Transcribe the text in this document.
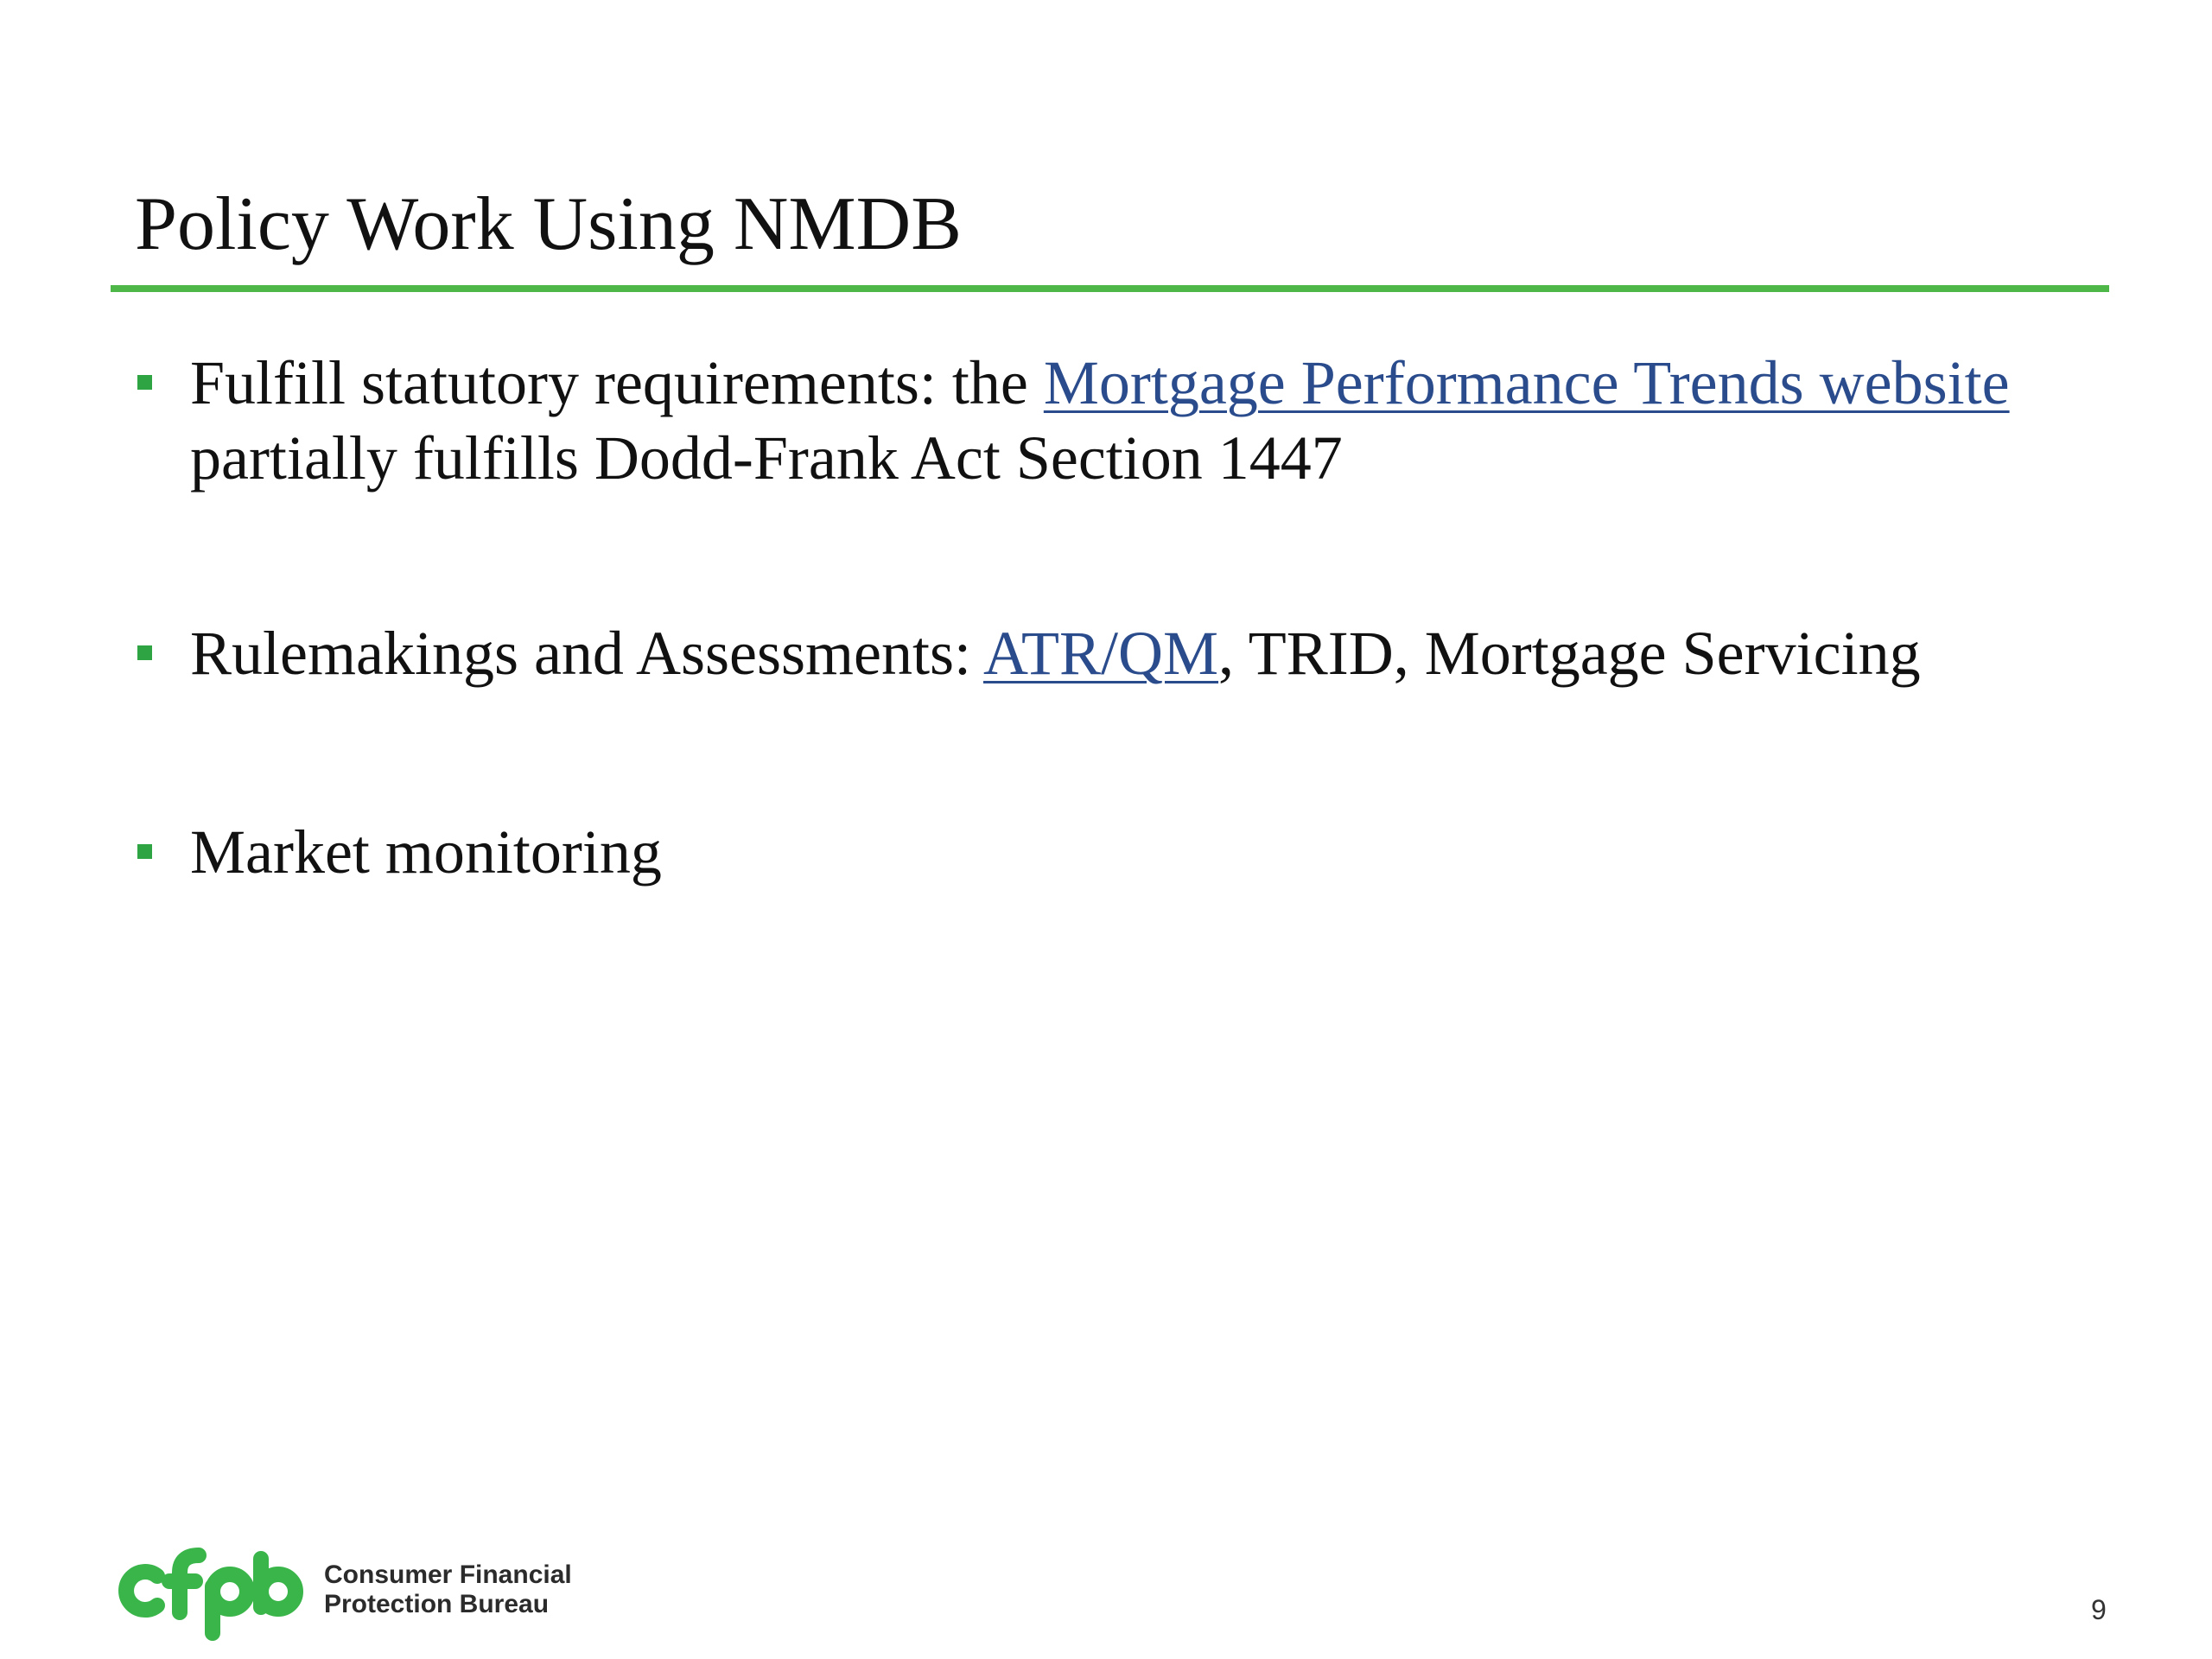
Policy Work Using NMDB
Fulfill statutory requirements: the Mortgage Performance Trends website partially fulfills Dodd-Frank Act Section 1447
Rulemakings and Assessments: ATR/QM, TRID, Mortgage Servicing
Market monitoring
Consumer Financial
Protection Bureau	9
